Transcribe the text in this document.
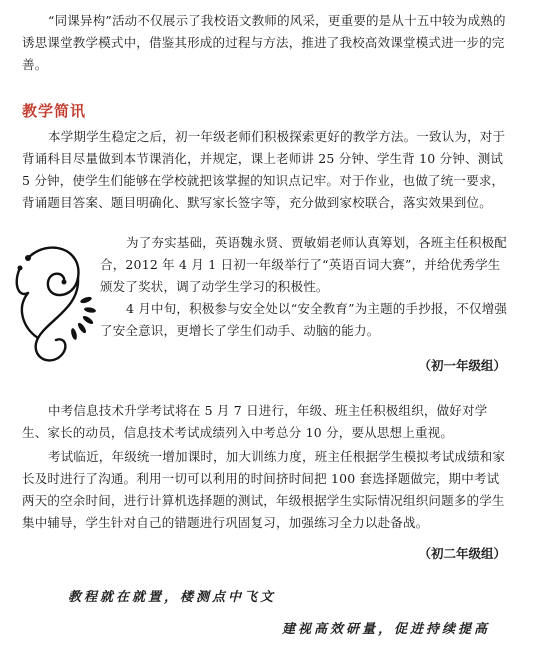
“同课异构”活动不仅展示了我校语文教师的风采，更重要的是从十五中较为成熟的诱思课堂教学模式中，借鉴其形成的过程与方法，推进了我校高效课堂模式进一步的完善。

教学简讯

本学期学生稳定之后，初一年级老师们积极探索更好的教学方法。一致认为，对于背诵科目尽量做到本节课消化，并规定，课上老师讲 25 分钟、学生背 10 分钟、测试 5 分钟，使学生们能够在学校就把该掌握的知识点记牢。对于作业，也做了统一要求，背诵题目答案、题目明确化、默写家长签字等，充分做到家校联合，落实效果到位。

为了夯实基础，英语魏永贤、贾敏娟老师认真筹划，各班主任积极配合，2012 年 4 月 1 日初一年级举行了“英语百词大赛”，并给优秀学生颁发了奖状，调了动学生学习的积极性。

4 月中旬，积极参与安全处以“安全教育”为主题的手抄报，不仅增强了安全意识，更增长了学生们动手、动脑的能力。

（初一年级组）

中考信息技术升学考试将在 5 月 7 日进行，年级、班主任积极组织，做好对学生、家长的动员，信息技术考试成绩列入中考总分 10 分，要从思想上重视。

考试临近，年级统一增加课时，加大训练力度，班主任根据学生模拟考试成绩和家长及时进行了沟通。利用一切可以利用的时间挤时间把 100 套选择题做完，期中考试两天的空余时间，进行计算机选择题的测试，年级根据学生实际情况组织问题多的学生集中辅导，学生针对自己的错题进行巩固复习，加强练习全力以赴备战。

（初二年级组）
教程就在就置，楼测点中飞文
建视高效研量，促进持续提高
